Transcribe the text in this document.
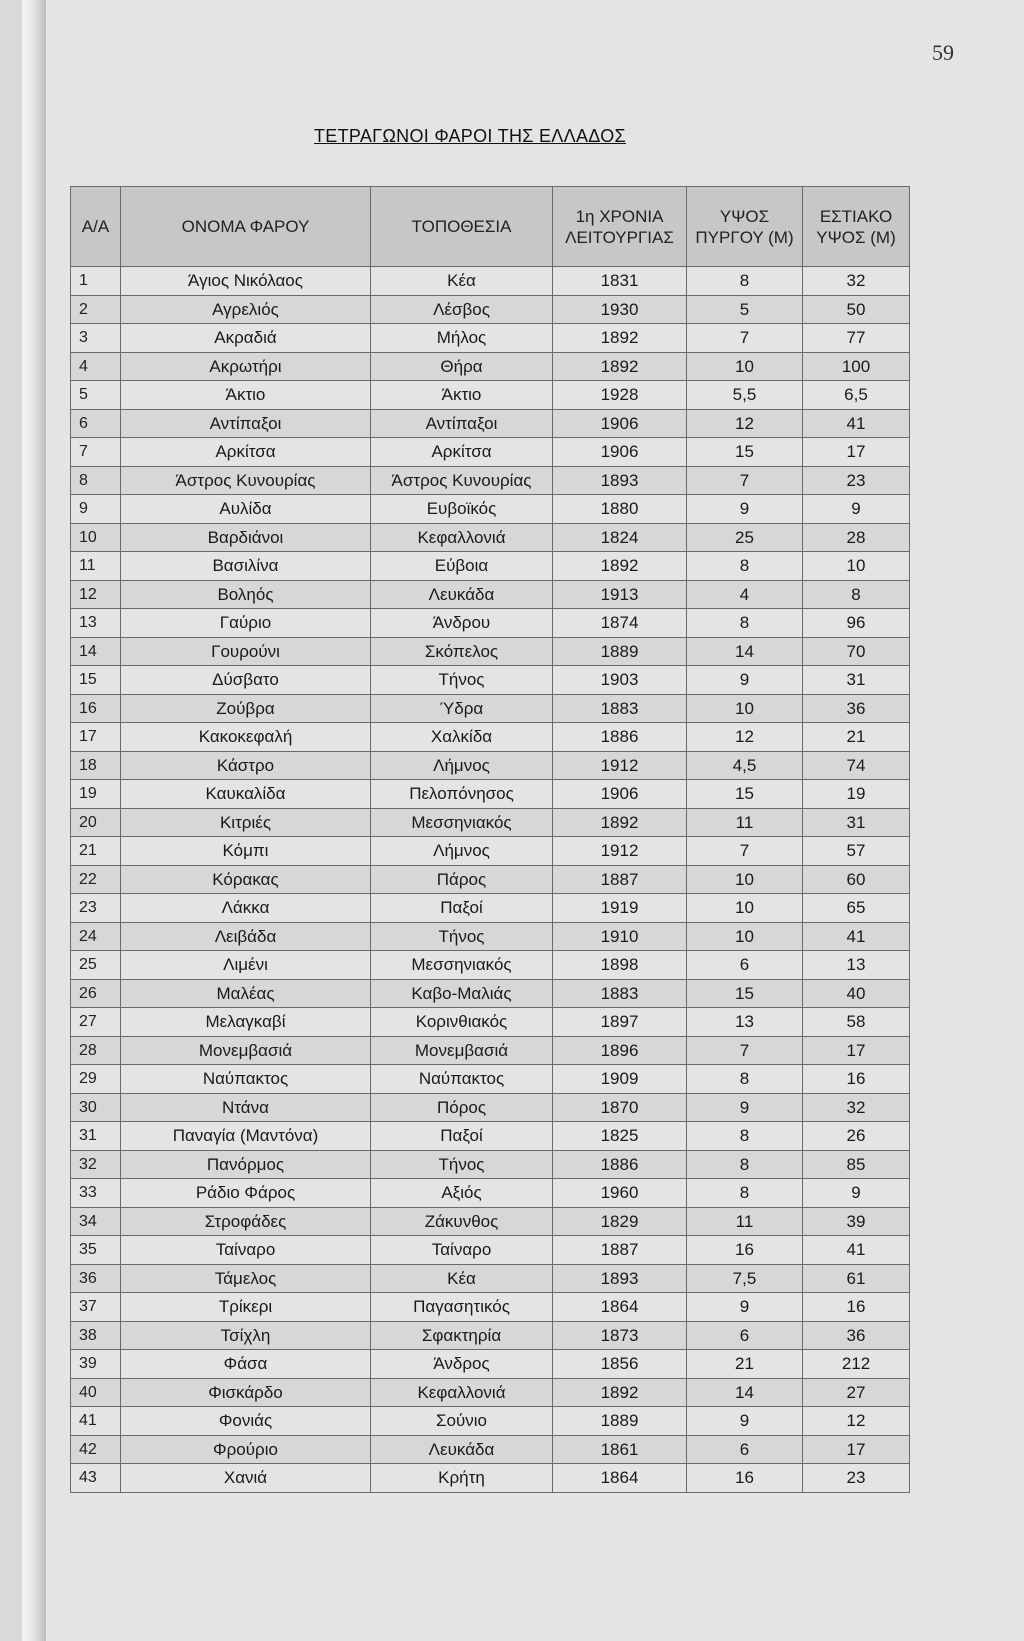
59
ΤΕΤΡΑΓΩΝΟΙ ΦΑΡΟΙ ΤΗΣ ΕΛΛΑΔΟΣ
Α/Α	ΟΝΟΜΑ ΦΑΡΟΥ	ΤΟΠΟΘΕΣΙΑ	1η ΧΡΟΝΙΑ ΛΕΙΤΟΥΡΓΙΑΣ	ΥΨΟΣ ΠΥΡΓΟΥ (Μ)	ΕΣΤΙΑΚΟ ΥΨΟΣ (Μ)
1	Άγιος Νικόλαος	Κέα	1831	8	32
2	Αγρελιός	Λέσβος	1930	5	50
3	Ακραδιά	Μήλος	1892	7	77
4	Ακρωτήρι	Θήρα	1892	10	100
5	Άκτιο	Άκτιο	1928	5,5	6,5
6	Αντίπαξοι	Αντίπαξοι	1906	12	41
7	Αρκίτσα	Αρκίτσα	1906	15	17
8	Άστρος Κυνουρίας	Άστρος Κυνουρίας	1893	7	23
9	Αυλίδα	Ευβοϊκός	1880	9	9
10	Βαρδιάνοι	Κεφαλλονιά	1824	25	28
11	Βασιλίνα	Εύβοια	1892	8	10
12	Βοληός	Λευκάδα	1913	4	8
13	Γαύριο	Άνδρου	1874	8	96
14	Γουρούνι	Σκόπελος	1889	14	70
15	Δύσβατο	Τήνος	1903	9	31
16	Ζούβρα	Ύδρα	1883	10	36
17	Κακοκεφαλή	Χαλκίδα	1886	12	21
18	Κάστρο	Λήμνος	1912	4,5	74
19	Καυκαλίδα	Πελοπόνησος	1906	15	19
20	Κιτριές	Μεσσηνιακός	1892	11	31
21	Κόμπι	Λήμνος	1912	7	57
22	Κόρακας	Πάρος	1887	10	60
23	Λάκκα	Παξοί	1919	10	65
24	Λειβάδα	Τήνος	1910	10	41
25	Λιμένι	Μεσσηνιακός	1898	6	13
26	Μαλέας	Καβο-Μαλιάς	1883	15	40
27	Μελαγκαβί	Κορινθιακός	1897	13	58
28	Μονεμβασιά	Μονεμβασιά	1896	7	17
29	Ναύπακτος	Ναύπακτος	1909	8	16
30	Ντάνα	Πόρος	1870	9	32
31	Παναγία (Μαντόνα)	Παξοί	1825	8	26
32	Πανόρμος	Τήνος	1886	8	85
33	Ράδιο Φάρος	Αξιός	1960	8	9
34	Στροφάδες	Ζάκυνθος	1829	11	39
35	Ταίναρο	Ταίναρο	1887	16	41
36	Τάμελος	Κέα	1893	7,5	61
37	Τρίκερι	Παγασητικός	1864	9	16
38	Τσίχλη	Σφακτηρία	1873	6	36
39	Φάσα	Άνδρος	1856	21	212
40	Φισκάρδο	Κεφαλλονιά	1892	14	27
41	Φονιάς	Σούνιο	1889	9	12
42	Φρούριο	Λευκάδα	1861	6	17
43	Χανιά	Κρήτη	1864	16	23
